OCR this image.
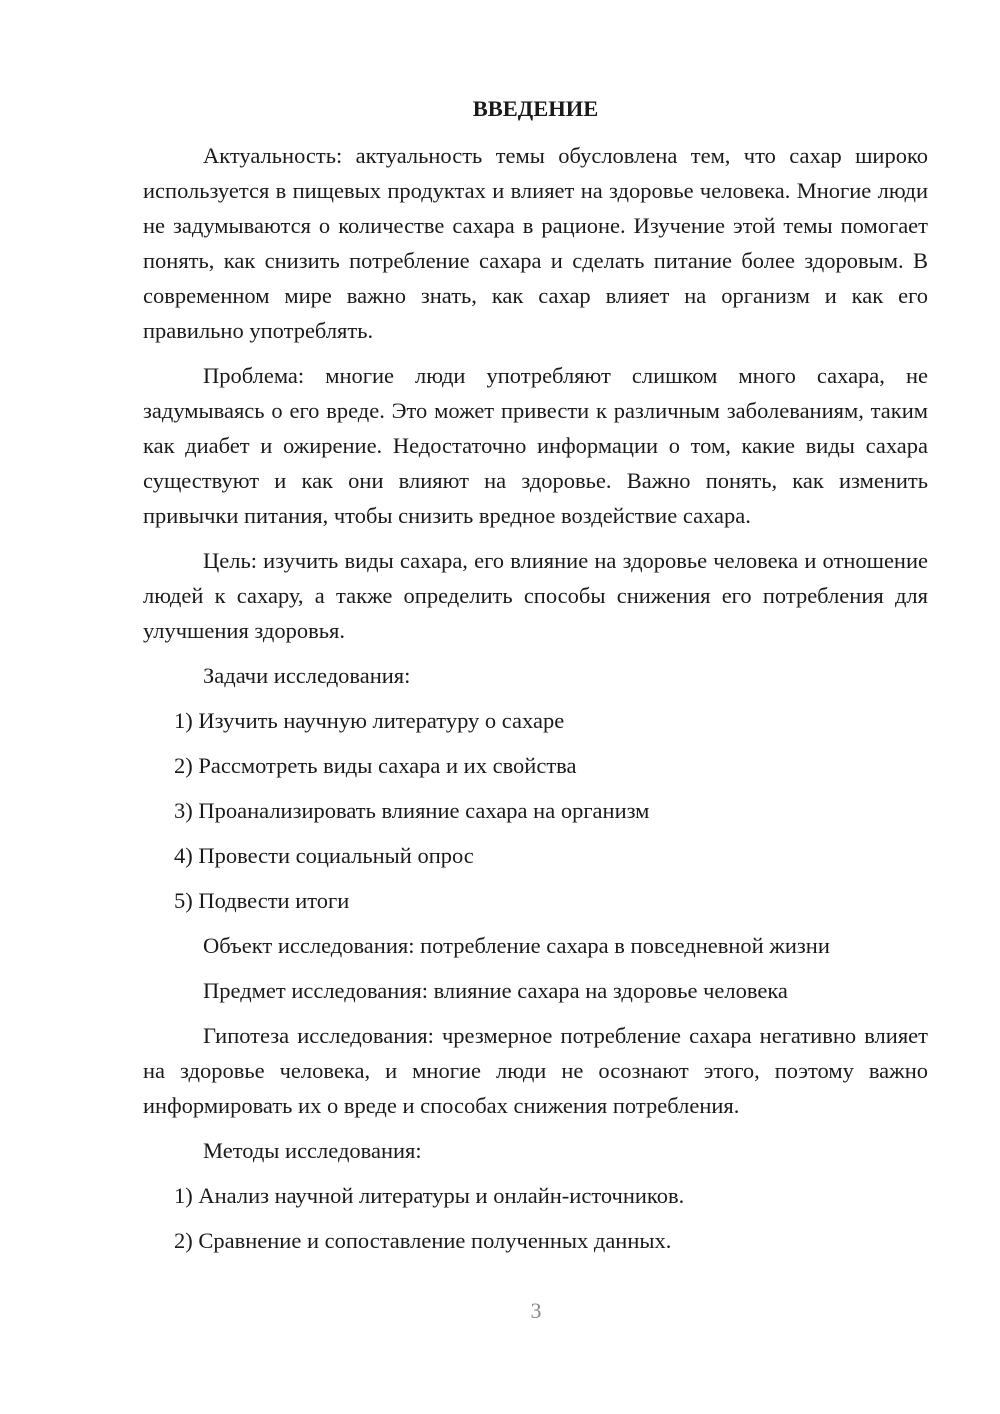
ВВЕДЕНИЕ
Актуальность: актуальность темы обусловлена тем, что сахар широко используется в пищевых продуктах и влияет на здоровье человека. Многие люди не задумываются о количестве сахара в рационе. Изучение этой темы помогает понять, как снизить потребление сахара и сделать питание более здоровым. В современном мире важно знать, как сахар влияет на организм и как его правильно употреблять.
Проблема: многие люди употребляют слишком много сахара, не задумываясь о его вреде. Это может привести к различным заболеваниям, таким как диабет и ожирение. Недостаточно информации о том, какие виды сахара существуют и как они влияют на здоровье. Важно понять, как изменить привычки питания, чтобы снизить вредное воздействие сахара.
Цель: изучить виды сахара, его влияние на здоровье человека и отношение людей к сахару, а также определить способы снижения его потребления для улучшения здоровья.
Задачи исследования:
1) Изучить научную литературу о сахаре
2) Рассмотреть виды сахара и их свойства
3) Проанализировать влияние сахара на организм
4) Провести социальный опрос
5) Подвести итоги
Объект исследования: потребление сахара в повседневной жизни
Предмет исследования: влияние сахара на здоровье человека
Гипотеза исследования: чрезмерное потребление сахара негативно влияет на здоровье человека, и многие люди не осознают этого, поэтому важно информировать их о вреде и способах снижения потребления.
Методы исследования:
1) Анализ научной литературы и онлайн-источников.
2) Сравнение и сопоставление полученных данных.
3
